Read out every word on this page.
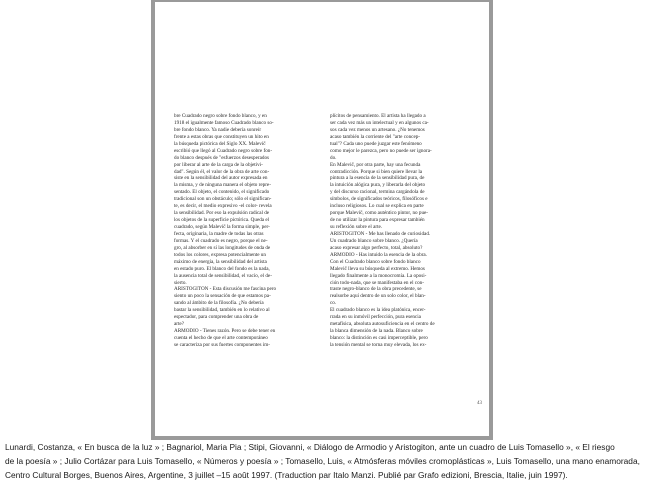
bre Cuadrado negro sobre fondo blanco, y en

1918 el igualmente famoso Cuadrado blanco so-

bre fondo blanco. Ya nadie debería sonreír

frente a estas obras que constituyen un hito en

la búsqueda pictórica del Siglo XX. Malevič

escribió que llegó al Cuadrado negro sobre fon-

do blanco después de "esfuerzos desesperados

por liberar al arte de la carga de la objetivi-

dad". Según él, el valor de la obra de arte con-

siste en la sensibilidad del autor expresada en

la misma, y de ninguna manera el objeto repre-

sentado. El objeto, el contenido, el significado

tradicional son un obstáculo; sólo el significan-

te, es decir, el medio expresivo -el color- revela

la sensibilidad. Por eso la expulsión radical de

los objetos de la superficie pictórica. Queda el

cuadrado, según Malevič la forma simple, per-

fecta, originaria, la madre de todas las otras

formas. Y el cuadrado es negro, porque el ne-

gro, al absorber en sí las longitudes de onda de

todos los colores, expresa potencialmente un

máximo de energía, la sensibilidad del artista

en estado puro. El blanco del fondo es la nada,

la ausencia total de sensibilidad, el vacío, el de-

sierto.

ARISTOGITON - Esta discusión me fascina pero

siento un poco la sensación de que estamos pa-

sando al ámbito de la filosofía. ¿No debería

bastar la sensibilidad, también en lo relativo al

espectador, para comprender una obra de

arte?

ARMODIO - Tienes razón. Pero se debe tener en

cuenta el hecho de que el arte contemporáneo

se caracteriza por sus fuertes componentes im-

plícitos de pensamiento. El artista ha llegado a

ser cada vez más un intelectual y en algunos ca-

sos cada vez menos un artesano. ¿No tenemos

acaso también la corriente del "arte concep-

tual"? Cada uno puede juzgar este fenómeno

como mejor le parezca, pero no puede ser ignora-

do.

En Malevič, por otra parte, hay una fecunda

contradicción. Porque si bien quiere llevar la

pintura a la esencia de la sensibilidad pura, de

la intuición alógica pura, y liberarla del objeto

y del discurso racional, termina cargándola de

símbolos, de significados teóricos, filosóficos e

incluso religiosos. Lo cual se explica en parte

porque Malevič, como auténtico pintor, no pue-

de no utilizar la pintura para expresar también

su reflexión sobre el arte.

ARISTOGITON - Me has llenado de curiosidad.

Un cuadrado blanco sobre blanco. ¿Quería

acaso expresar algo perfecto, total, absoluto?

ARMODIO - Has intuido la esencia de la obra.

Con el Cuadrado blanco sobre fondo blanco

Malevič lleva su búsqueda al extremo. Hemos

llegado finalmente a la monocromía. La oposi-

ción todo-nada, que se manifestaba en el con-

traste negro-blanco de la obra precedente, se

realsorbe aquí dentro de un solo color, el blan-

co.

El cuadrado blanco es la idea platónica, encer-

rrada en su inmóvil perfección, pura esencia

metafísica, absoluta autosuficiencia en el centro de

la blanca dimensión de la nada. Blanco sobre

blanco: la distinción es casi imperceptible, pero

la tensión mental se torna muy elevada, los ex-

43

Lunardi, Costanza, « En busca de la luz » ; Bagnariol, Maria Pia ; Stipi, Giovanni, « Diálogo de Armodio y Aristogiton, ante un cuadro de Luis Tomasello », « El riesgo

de la poesía » ; Julio Cortázar para Luis Tomasello, « Números y poesía » ; Tomasello, Luis, « Atmósferas móviles cromoplásticas », Luis Tomasello, una mano enamorada,

Centro Cultural Borges, Buenos Aires, Argentine, 3 juillet –15 août 1997. (Traduction par Italo Manzi. Publié par Grafo edizioni, Brescia, Italie, juin 1997).
